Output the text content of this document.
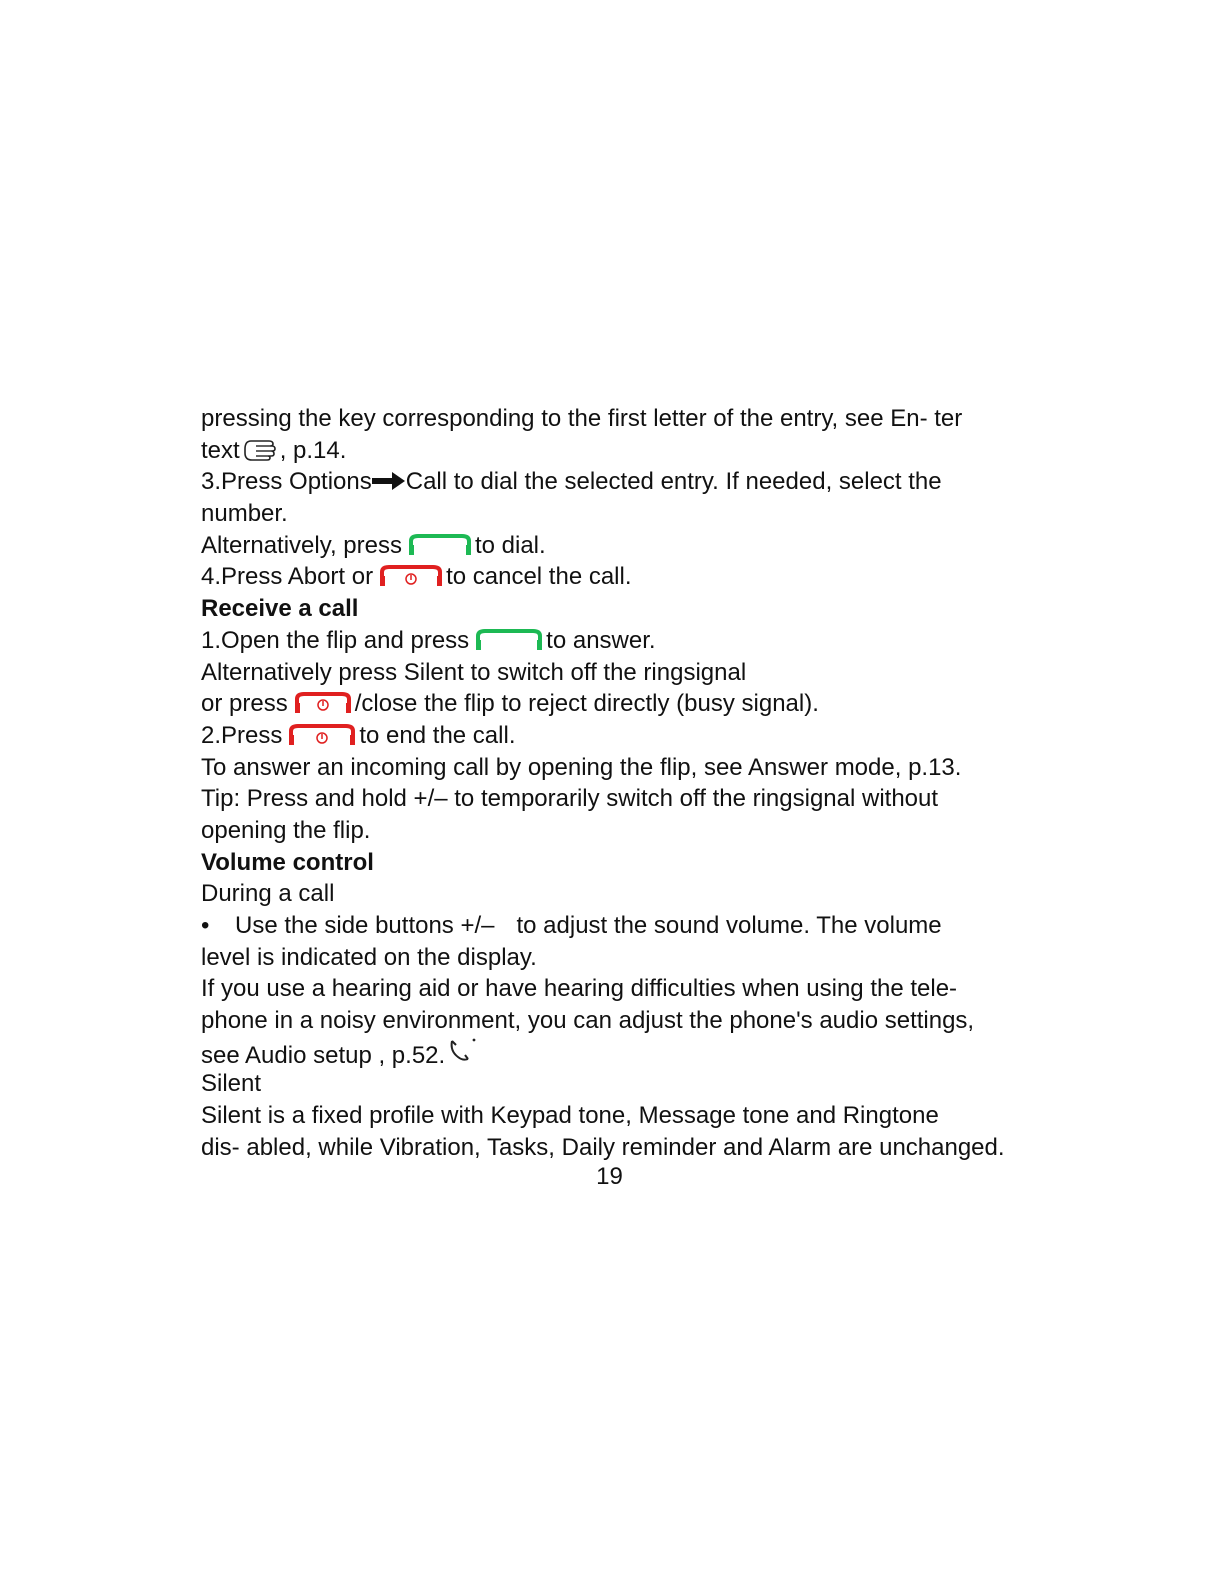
pressing the key corresponding to the first letter of the entry, see En- ter
text , p.14.
3.Press Options Call to dial the selected entry. If needed, select the
number.
Alternatively, press	to dial.
4.Press Abort or	to cancel the call.
Receive a call
1.Open the flip and press	to answer.
Alternatively press Silent to switch off the ringsignal
or press	/close the flip to reject directly (busy signal).
2.Press	to end the call.
To answer an incoming call by opening the flip, see Answer mode, p.13.
Tip: Press and hold +/– to temporarily switch off the ringsignal without
opening the flip.
Volume control
During a call
• Use the side buttons +/– to adjust the sound volume. The volume
level is indicated on the display.
If you use a hearing aid or have hearing difficulties when using the tele-
phone in a noisy environment, you can adjust the phone's audio settings,
see Audio setup , p.52.
Silent
Silent is a fixed profile with Keypad tone, Message tone and Ringtone
dis- abled, while Vibration, Tasks, Daily reminder and Alarm are unchanged.
19
